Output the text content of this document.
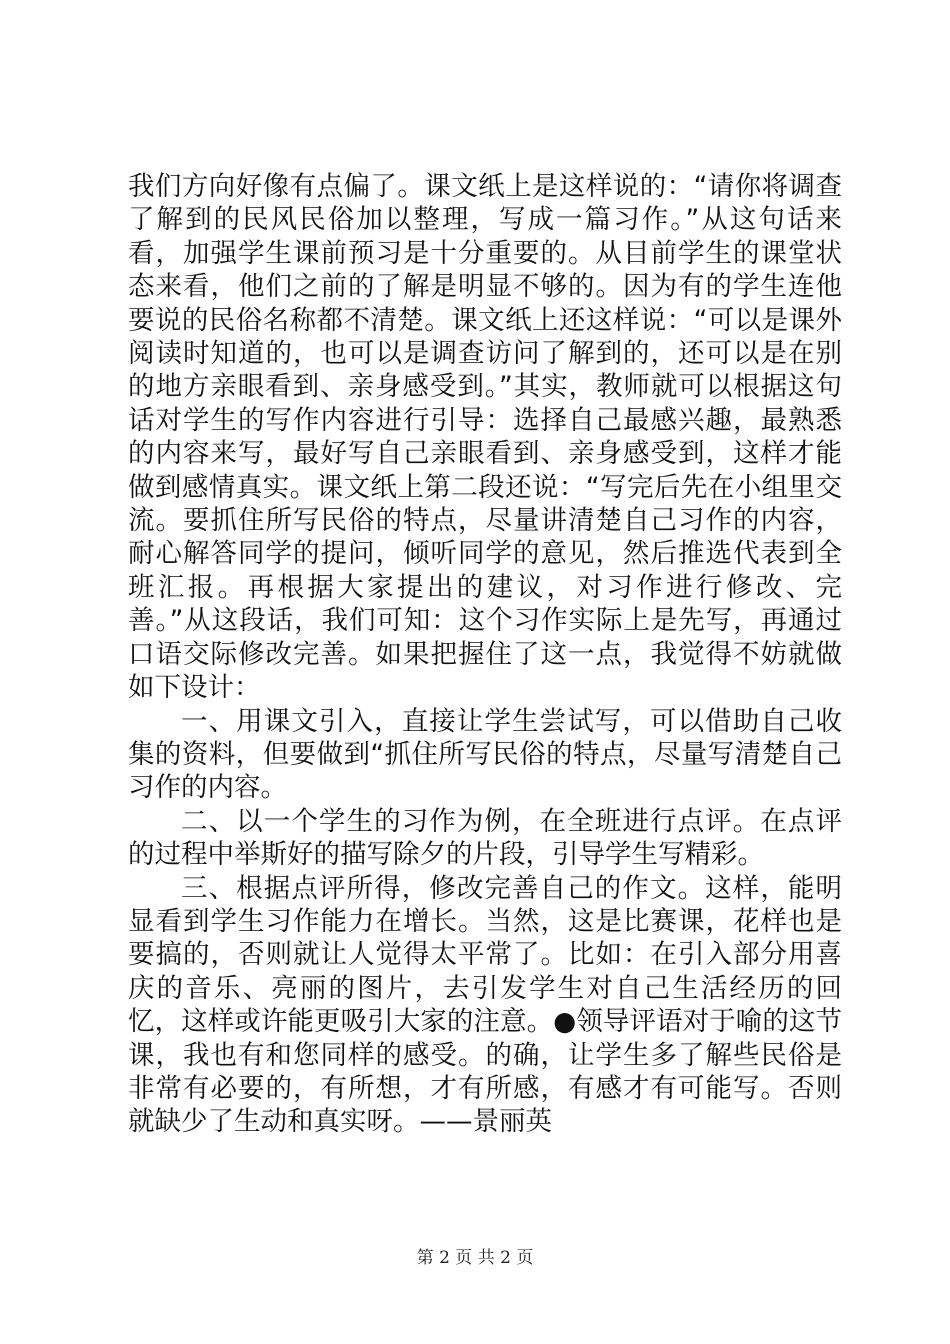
我们方向好像有点偏了。课文纸上是这样说的：“请你将调查了解到的民风民俗加以整理，写成一篇习作。”从这句话来看，加强学生课前预习是十分重要的。从目前学生的课堂状态来看，他们之前的了解是明显不够的。因为有的学生连他要说的民俗名称都不清楚。课文纸上还这样说：“可以是课外阅读时知道的，也可以是调查访问了解到的，还可以是在别的地方亲眼看到、亲身感受到。”其实，教师就可以根据这句话对学生的写作内容进行引导：选择自己最感兴趣，最熟悉的内容来写，最好写自己亲眼看到、亲身感受到，这样才能做到感情真实。课文纸上第二段还说：“写完后先在小组里交流。要抓住所写民俗的特点，尽量讲清楚自己习作的内容，耐心解答同学的提问，倾听同学的意见，然后推选代表到全班汇报。再根据大家提出的建议，对习作进行修改、完善。”从这段话，我们可知：这个习作实际上是先写，再通过口语交际修改完善。如果把握住了这一点，我觉得不妨就做如下设计：

一、用课文引入，直接让学生尝试写，可以借助自己收集的资料，但要做到“抓住所写民俗的特点，尽量写清楚自己习作的内容。

二、以一个学生的习作为例，在全班进行点评。在点评的过程中举斯好的描写除夕的片段，引导学生写精彩。

三、根据点评所得，修改完善自己的作文。这样，能明显看到学生习作能力在增长。当然，这是比赛课，花样也是要搞的，否则就让人觉得太平常了。比如：在引入部分用喜庆的音乐、亮丽的图片，去引发学生对自己生活经历的回忆，这样或许能更吸引大家的注意。●领导评语对于喻的这节课，我也有和您同样的感受。的确，让学生多了解些民俗是非常有必要的，有所想，才有所感，有感才有可能写。否则就缺少了生动和真实呀。——景丽英

第 2 页 共 2 页
